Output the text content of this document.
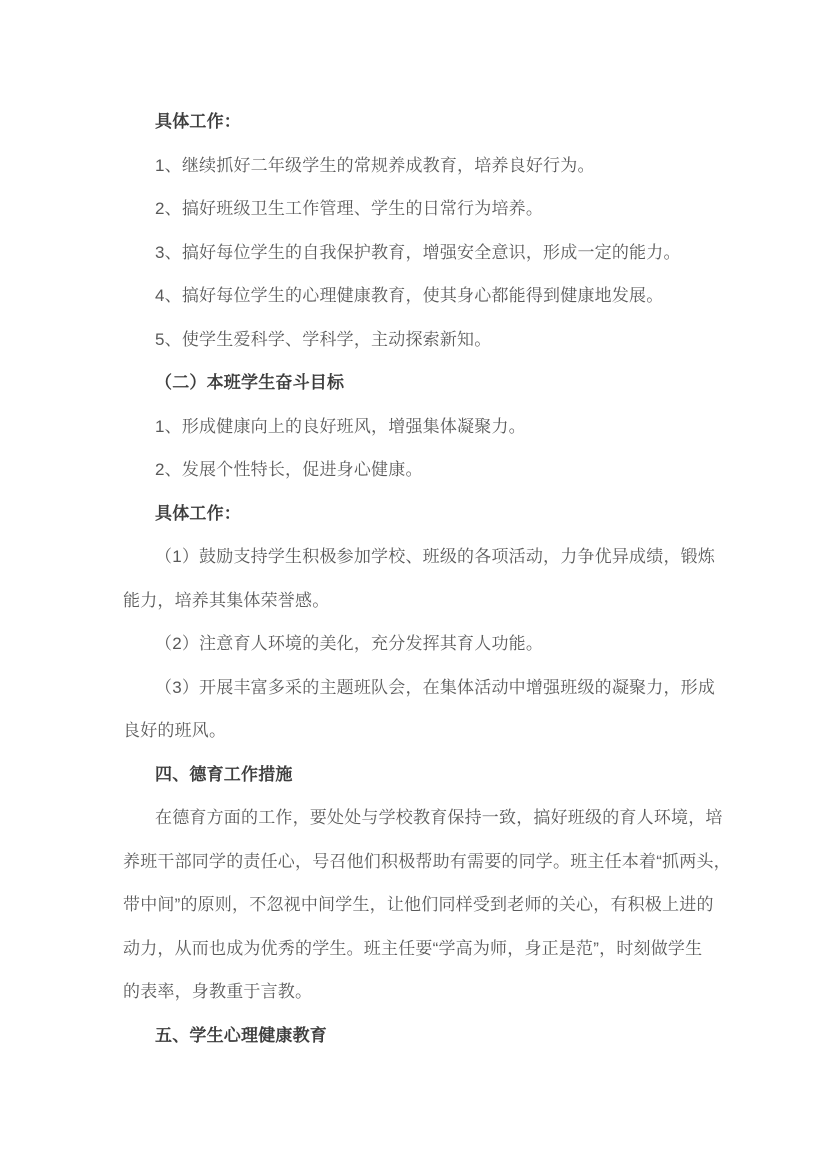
具体工作：
1、继续抓好二年级学生的常规养成教育，培养良好行为。
2、搞好班级卫生工作管理、学生的日常行为培养。
3、搞好每位学生的自我保护教育，增强安全意识，形成一定的能力。
4、搞好每位学生的心理健康教育，使其身心都能得到健康地发展。
5、使学生爱科学、学科学，主动探索新知。
（二）本班学生奋斗目标
1、形成健康向上的良好班风，增强集体凝聚力。
2、发展个性特长，促进身心健康。
具体工作：
（1）鼓励支持学生积极参加学校、班级的各项活动，力争优异成绩，锻炼
能力，培养其集体荣誉感。
（2）注意育人环境的美化，充分发挥其育人功能。
（3）开展丰富多采的主题班队会，在集体活动中增强班级的凝聚力，形成
良好的班风。
四、德育工作措施
在德育方面的工作，要处处与学校教育保持一致，搞好班级的育人环境，培
养班干部同学的责任心，号召他们积极帮助有需要的同学。班主任本着“抓两头，
带中间”的原则，不忽视中间学生，让他们同样受到老师的关心，有积极上进的
动力，从而也成为优秀的学生。班主任要“学高为师，身正是范”，时刻做学生
的表率，身教重于言教。
五、学生心理健康教育
